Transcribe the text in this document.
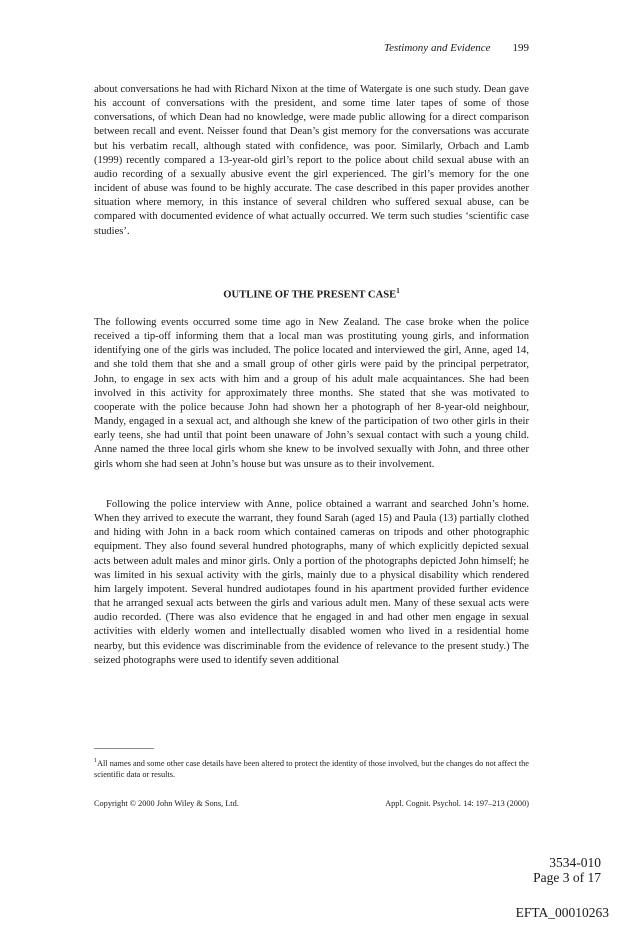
Testimony and Evidence 199

about conversations he had with Richard Nixon at the time of Watergate is one such study. Dean gave his account of conversations with the president, and some time later tapes of some of those conversations, of which Dean had no knowledge, were made public allowing for a direct comparison between recall and event. Neisser found that Dean’s gist memory for the conversations was accurate but his verbatim recall, although stated with confidence, was poor. Similarly, Orbach and Lamb (1999) recently compared a 13-year-old girl’s report to the police about child sexual abuse with an audio recording of a sexually abusive event the girl experienced. The girl’s memory for the one incident of abuse was found to be highly accurate. The case described in this paper provides another situation where memory, in this instance of several children who suffered sexual abuse, can be compared with documented evidence of what actually occurred. We term such studies ‘scientific case studies’.

OUTLINE OF THE PRESENT CASE$^1$

The following events occurred some time ago in New Zealand. The case broke when the police received a tip-off informing them that a local man was prostituting young girls, and information identifying one of the girls was included. The police located and interviewed the girl, Anne, aged 14, and she told them that she and a small group of other girls were paid by the principal perpetrator, John, to engage in sex acts with him and a group of his adult male acquaintances. She had been involved in this activity for approximately three months. She stated that she was motivated to cooperate with the police because John had shown her a photograph of her 8-year-old neighbour, Mandy, engaged in a sexual act, and although she knew of the participation of two other girls in their early teens, she had until that point been unaware of John’s sexual contact with such a young child. Anne named the three local girls whom she knew to be involved sexually with John, and three other girls whom she had seen at John’s house but was unsure as to their involvement.

Following the police interview with Anne, police obtained a warrant and searched John’s home. When they arrived to execute the warrant, they found Sarah (aged 15) and Paula (13) partially clothed and hiding with John in a back room which contained cameras on tripods and other photographic equipment. They also found several hundred photographs, many of which explicitly depicted sexual acts between adult males and minor girls. Only a portion of the photographs depicted John himself; he was limited in his sexual activity with the girls, mainly due to a physical disability which rendered him largely impotent. Several hundred audiotapes found in his apartment provided further evidence that he arranged sexual acts between the girls and various adult men. Many of these sexual acts were audio recorded. (There was also evidence that he engaged in and had other men engage in sexual activities with elderly women and intellectually disabled women who lived in a residential home nearby, but this evidence was discriminable from the evidence of relevance to the present study.) The seized photographs were used to identify seven additional

$^1$All names and some other case details have been altered to protect the identity of those involved, but the changes do not affect the scientific data or results.

Copyright © 2000 John Wiley & Sons, Ltd.	Appl. Cognit. Psychol. 14: 197–213 (2000)
3534-010
Page 3 of 17
EFTA_00010263
